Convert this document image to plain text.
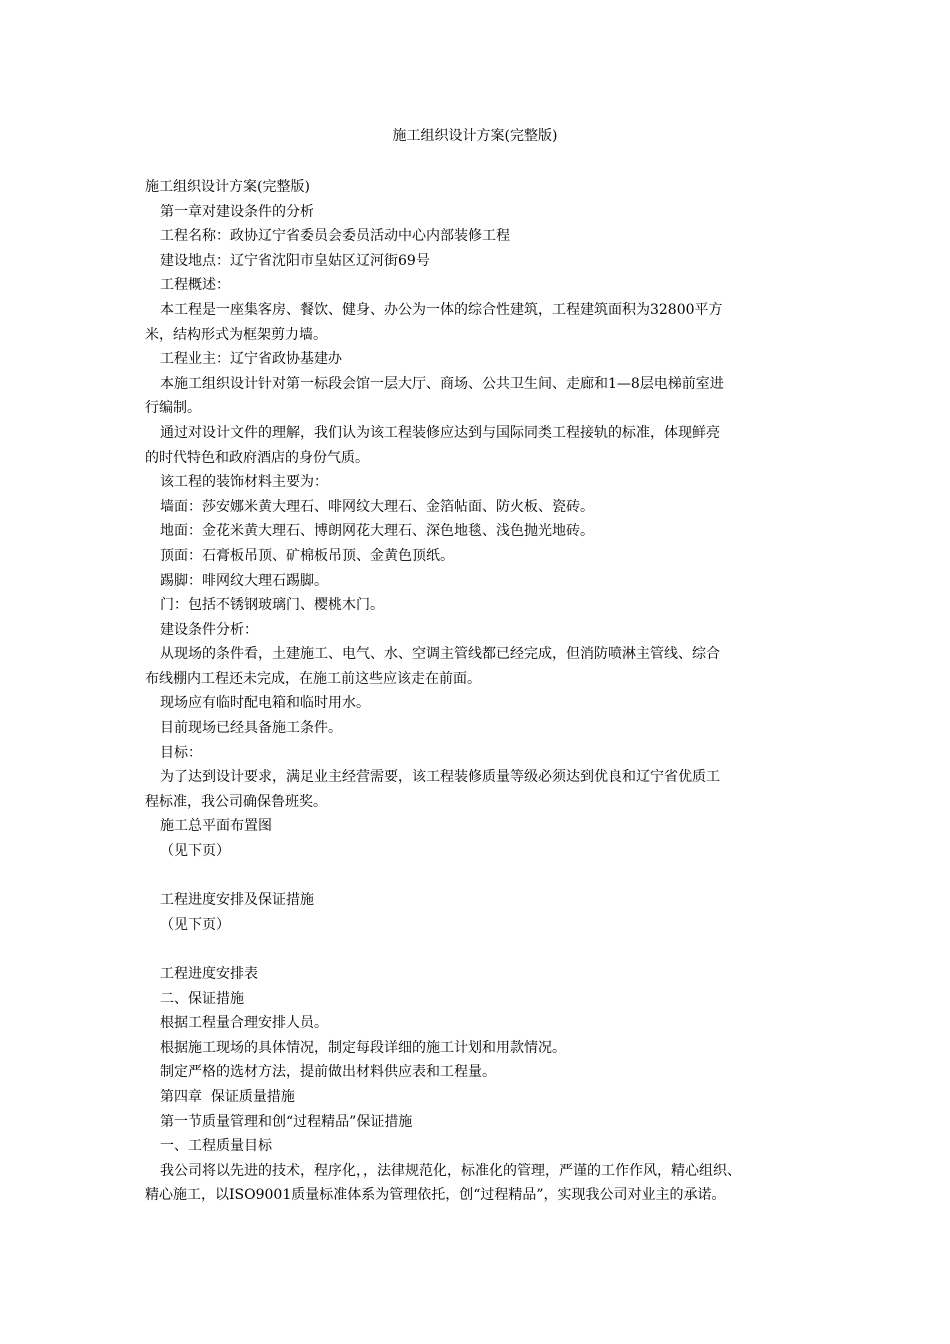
施工组织设计方案(完整版)
施工组织设计方案(完整版)
第一章对建设条件的分析
工程名称：政协辽宁省委员会委员活动中心内部装修工程
建设地点：辽宁省沈阳市皇姑区辽河街69号
工程概述：
本工程是一座集客房、餐饮、健身、办公为一体的综合性建筑，工程建筑面积为32800平方
米，结构形式为框架剪力墙。
工程业主：辽宁省政协基建办
本施工组织设计针对第一标段会馆一层大厅、商场、公共卫生间、走廊和1—8层电梯前室进
行编制。
通过对设计文件的理解，我们认为该工程装修应达到与国际同类工程接轨的标准，体现鲜亮
的时代特色和政府酒店的身份气质。
该工程的装饰材料主要为：
墙面：莎安娜米黄大理石、啡网纹大理石、金箔帖面、防火板、瓷砖。
地面：金花米黄大理石、博朗网花大理石、深色地毯、浅色抛光地砖。
顶面：石膏板吊顶、矿棉板吊顶、金黄色顶纸。
踢脚：啡网纹大理石踢脚。
门：包括不锈钢玻璃门、樱桃木门。
建设条件分析：
从现场的条件看，土建施工、电气、水、空调主管线都已经完成，但消防喷淋主管线、综合
布线棚内工程还未完成，在施工前这些应该走在前面。
现场应有临时配电箱和临时用水。
目前现场已经具备施工条件。
目标：
为了达到设计要求，满足业主经营需要，该工程装修质量等级必须达到优良和辽宁省优质工
程标准，我公司确保鲁班奖。
施工总平面布置图
（见下页）
工程进度安排及保证措施
（见下页）
工程进度安排表
二、保证措施
根据工程量合理安排人员。
根据施工现场的具体情况，制定每段详细的施工计划和用款情况。
制定严格的选材方法，提前做出材料供应表和工程量。
第四章  保证质量措施
第一节质量管理和创“过程精品”保证措施
一、工程质量目标
我公司将以先进的技术，程序化，，法律规范化，标准化的管理，严谨的工作作风，精心组织、
精心施工，以ISO9001质量标准体系为管理依托，创“过程精品”，实现我公司对业主的承诺。
